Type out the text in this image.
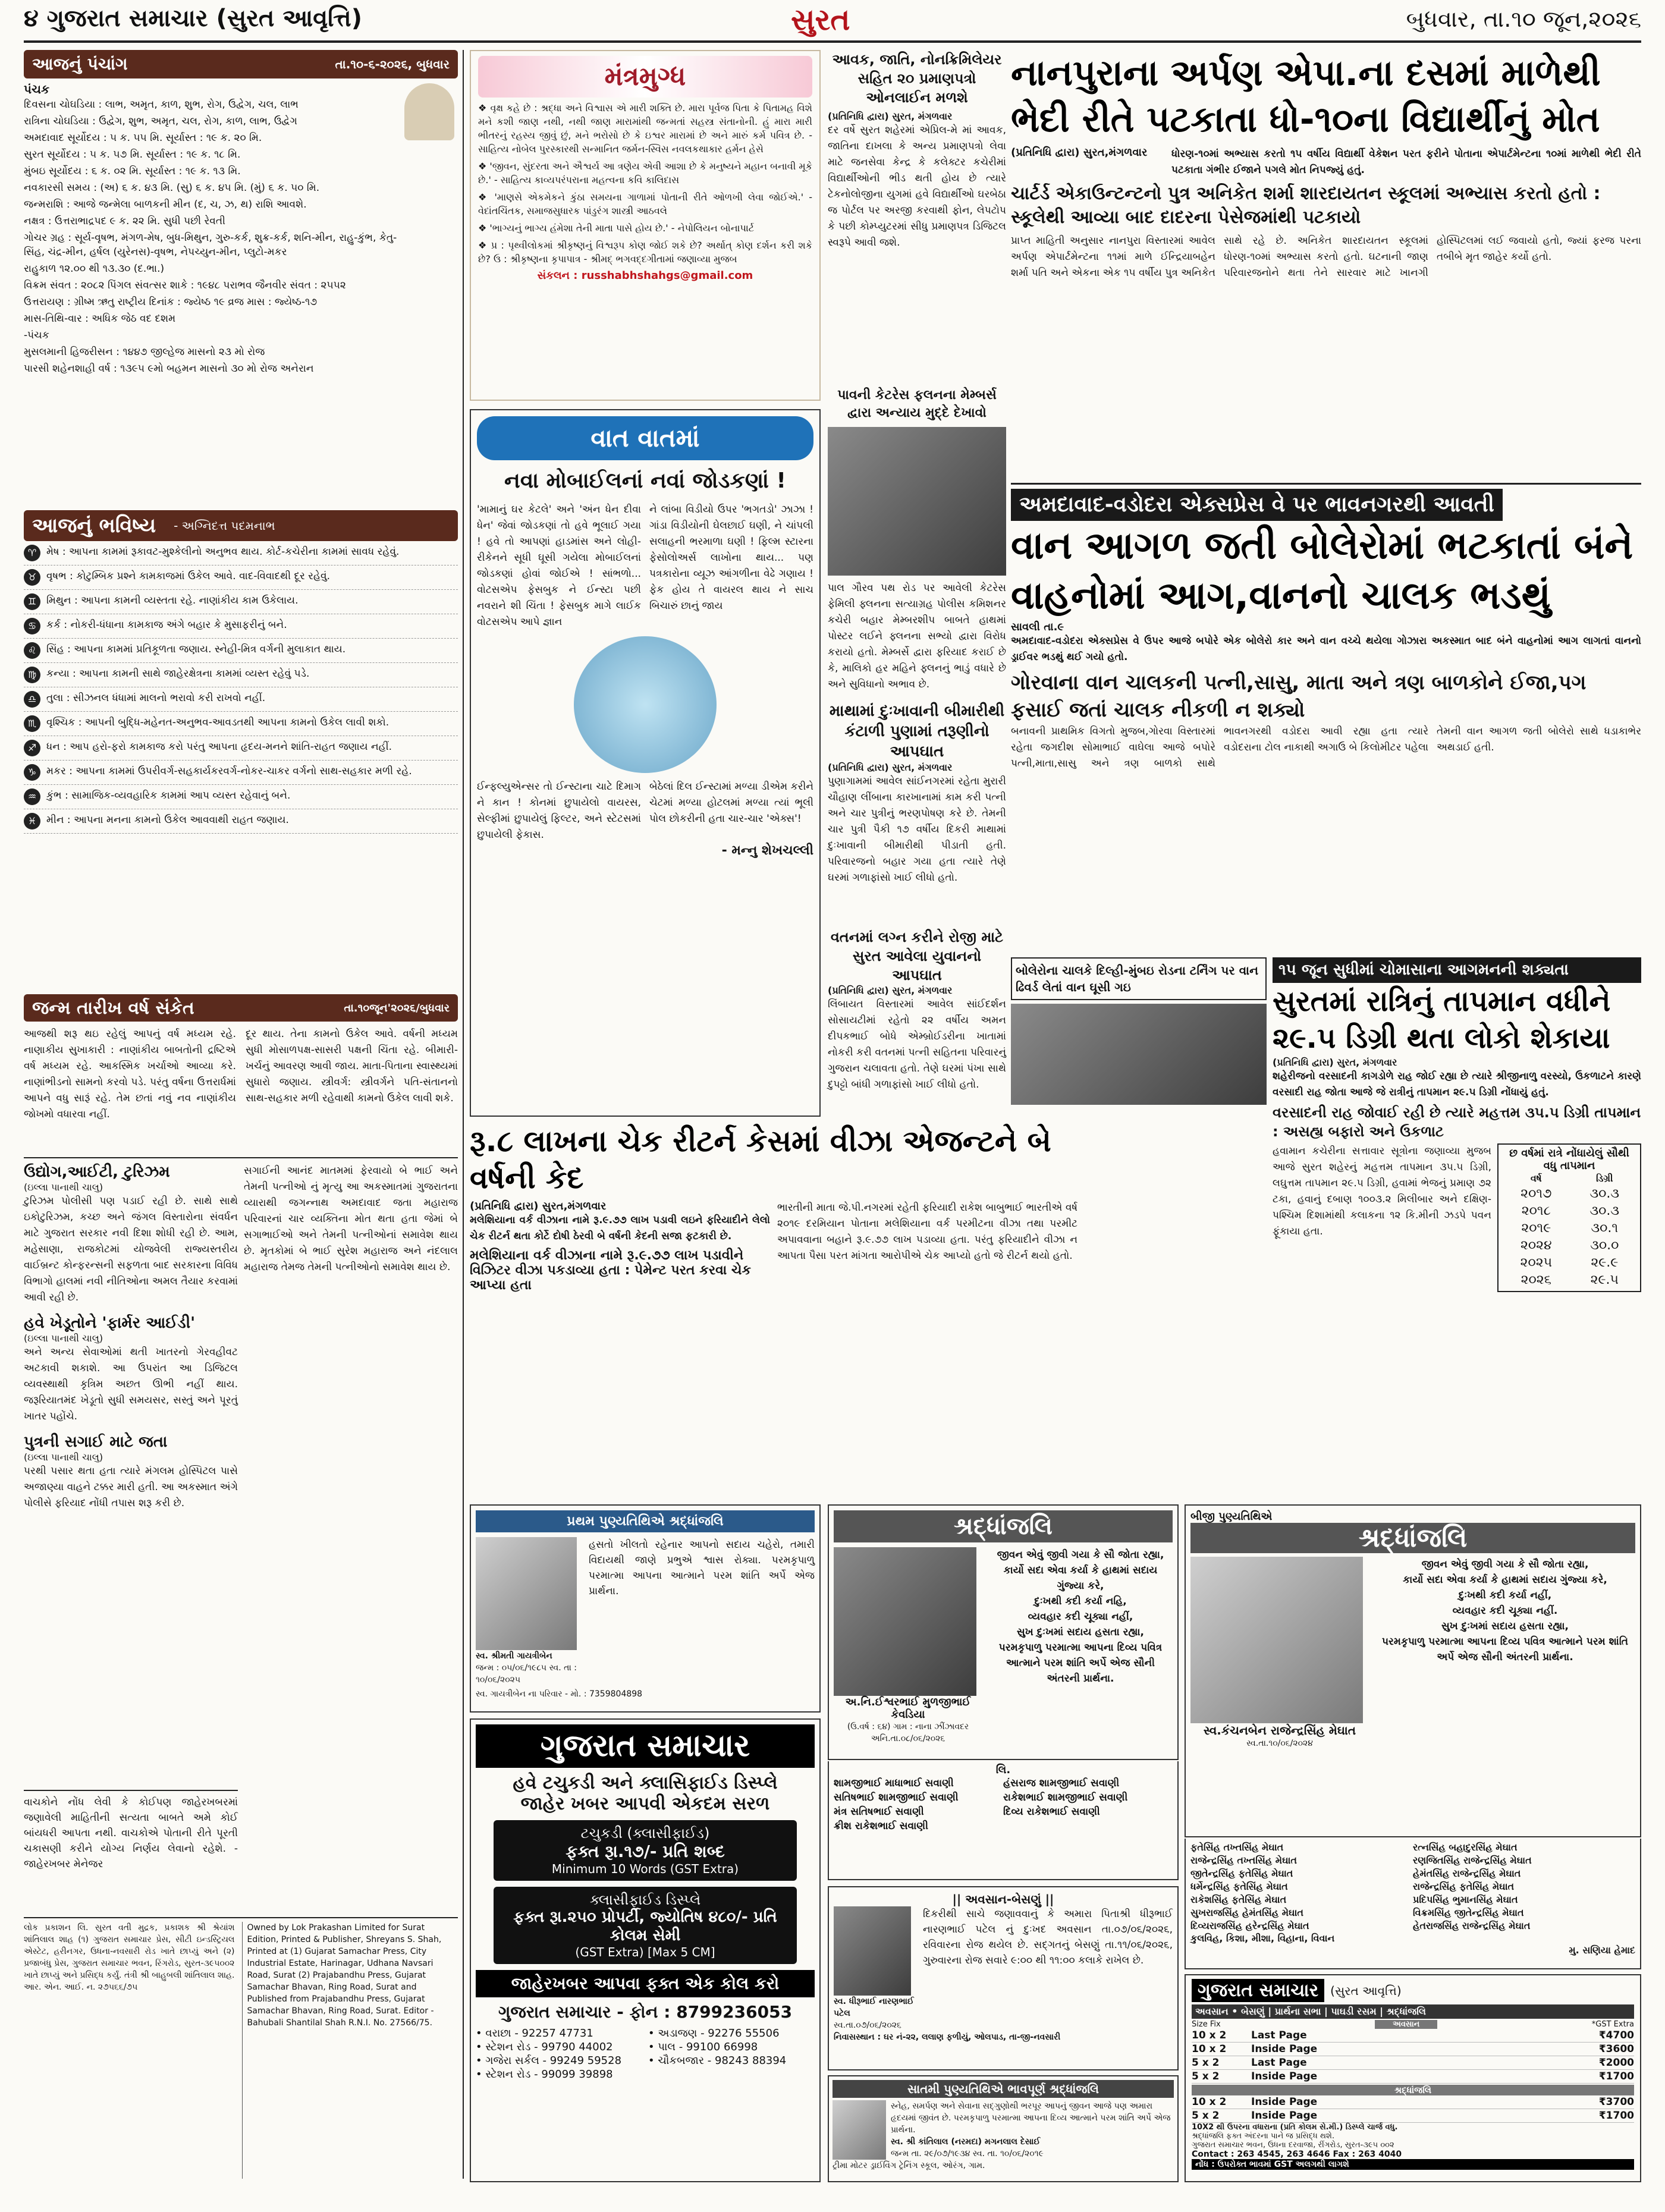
૪ ગુજરાત સમાચાર (સુરત આવૃત્તિ)	સુરત	બુધવાર, તા.૧૦ જૂન,૨૦૨૬
આજનું પંચાંગ	તા.૧૦-૬-૨૦૨૬, બુધવાર
પંચક
દિવસના ચોઘડિયા : લાભ, અમૃત, કાળ, શુભ, રોગ, ઉદ્વેગ, ચલ, લાભ
રાત્રિના ચોઘડિયા : ઉદ્વેગ, શુભ, અમૃત, ચલ, રોગ, કાળ, લાભ, ઉદ્વેગ
અમદાવાદ સૂર્યોદય : ૫ ક. ૫૫ મિ. સૂર્યાસ્ત : ૧૯ ક. ૨૦ મિ.
સુરત સૂર્યોદય : ૫ ક. ૫૭ મિ. સૂર્યાસ્ત : ૧૯ ક. ૧૮ મિ.
મુંબઇ સૂર્યોદય : ૬ ક. ૦૨ મિ. સૂર્યાસ્ત : ૧૯ ક. ૧૩ મિ.
નવકારસી સમય : (અ) ૬ ક. ૪૩ મિ. (સુ) ૬ ક. ૪૫ મિ. (મું) ૬ ક. ૫૦ મિ.
જન્મરાશિ : આજે જન્મેલા બાળકની મીન (દ, ચ, ઝ, થ) રાશિ આવશે.
નક્ષત્ર : ઉત્તરાભાદ્રપદ ૯ ક. ૨૨ મિ. સુધી પછી રેવતી
ગોચર ગ્રહ : સૂર્ય-વૃષભ, મંગળ-મેષ, બુધ-મિથુન, ગુરુ-કર્ક, શુક્ર-કર્ક, શનિ-મીન, રાહુ-કુંભ, કેતુ-સિંહ, ચંદ્ર-મીન, હર્ષલ (યુરેનસ)-વૃષભ, નેપચ્યુન-મીન, પ્લુટો-મકર
રાહુકાળ ૧૨.૦૦ થી ૧૩.૩૦ (દ.ભા.)
વિક્રમ સંવત : ૨૦૮૨ પિંગલ સંવત્સર શાકે : ૧૯૪૮ પરાભવ જૈનવીર સંવત : ૨૫૫૨
ઉત્તરાયણ : ગ્રીષ્મ ઋતુ રાષ્ટ્રીય દિનાંક : જ્યેષ્ઠ ૧૯ વ્રજ માસ : જ્યેષ્ઠ-૧૭
માસ-તિથિ-વાર : અધિક જેઠ વદ દશમ
-પંચક
મુસલમાની હિજરીસન : ૧૪૪૭ જીલ્હેજ માસનો ૨૩ મો રોજ
પારસી શહેનશાહી વર્ષ : ૧૩૯૫ ૯મો બહમન માસનો ૩૦ મો રોજ અનેરાન
આજનું ભવિષ્ય - અગ્નિદત્ત પદમનાભ
♈ મેષ : આપના કામમાં રૂકાવટ-મુશ્કેલીનો અનુભવ થાય. કોર્ટ-કચેરીના કામમાં સાવધ રહેવું.
♉ વૃષભ : કોટુમ્બિક પ્રશ્ને કામકાજમાં ઉકેલ આવે. વાદ-વિવાદથી દૂર રહેવું.
♊ મિથુન : આપના કામની વ્યસ્તતા રહે. નાણાંકીય કામ ઉકેલાય.
♋ કર્ક : નોકરી-ધંધાના કામકાજ અંગે બહાર કે મુસાફરીનું બને.
♌ સિંહ : આપના કામમાં પ્રતિકૂળતા જણાય. સ્નેહી-મિત્ર વર્ગની મુલાકાત થાય.
♍ કન્યા : આપના કામની સાથે જાહેરક્ષેત્રના કામમાં વ્યસ્ત રહેવું પડે.
♎ તુલા : સીઝનલ ધંધામાં માલનો ભરાવો કરી રાખવો નહીં.
♏ વૃશ્ચિક : આપની બુદ્ધિ-મહેનત-અનુભવ-આવડતથી આપના કામનો ઉકેલ લાવી શકો.
♐ ધન : આપ હરો-ફરો કામકાજ કરો પરંતુ આપના હૃદય-મનને શાંતિ-રાહત જણાય નહીં.
♑ મકર : આપના કામમાં ઉપરીવર્ગ-સહકાર્યકરવર્ગ-નોકર-ચાકર વર્ગનો સાથ-સહકાર મળી રહે.
♒ કુંભ : સામાજિક-વ્યવહારિક કામમાં આપ વ્યસ્ત રહેવાનું બને.
♓ મીન : આપના મનના કામનો ઉકેલ આવવાથી રાહત જણાય.
જન્મ તારીખ વર્ષ સંકેત	તા.૧૦જૂન'૨૦૨૬/બુધવાર
આજથી શરૂ થઇ રહેલું આપનું વર્ષ મધ્યમ રહે. નાણાકીય સુખાકારી : નાણાંકીય બાબતોની દ્રષ્ટિએ વર્ષ મધ્યમ રહે. આકસ્મિક ખર્ચાઓ આવ્યા કરે. નાણાંભીડનો સામનો કરવો પડે. પરંતુ વર્ષના ઉત્તરાર્ધમાં આપને વધુ સારૂં રહે. તેમ છતાં નવું નવ નાણાંકીય જોખમો વધારવા નહીં.
દૂર થાય. તેના કામનો ઉકેલ આવે. વર્ષની મધ્યમ સુધી મોસાળપક્ષ-સાસરી પક્ષની ચિંતા રહે. બીમારી-ખર્ચનું આવરણ આવી જાય. માતા-પિતાના સ્વાસ્થ્યમાં સુધારો જણાય. સ્ત્રીવર્ગ: સ્ત્રીવર્ગને પતિ-સંતાનનો સાથ-સહકાર મળી રહેવાથી કામનો ઉકેલ લાવી શકે.
ઉદ્યોગ,આઈટી, ટુરિઝમ
(ઇલ્લા પાનાથી ચાલુ)
ટુરિઝમ પોલીસી પણ પડાઈ રહી છે. સાથે સાથે ઇકોટુરિઝમ, કચ્છ અને જંગલ વિસ્તારોના સંવર્ધન માટે ગુજરાત સરકાર નવી દિશા શોધી રહી છે. આમ, મહેસાણા, રાજકોટમાં યોજવેલી રાજ્યસ્તરીય વાઈબ્રન્ટ કોન્ફરન્સની સફળતા બાદ સરકારના વિવિધ વિભાગો હાલમાં નવી નીતિઓના અમલ તૈયાર કરવામાં આવી રહી છે.
હવે ખેડૂતોને 'ફાર્મર આઈડી'
(ઇલ્લા પાનાથી ચાલુ)
અને અન્ય સેવાઓમાં થતી ખાતરનો ગેરવહીવટ અટકાવી શકાશે. આ ઉપરાંત આ ડિજિટલ વ્યવસ્થાથી કૃત્રિમ અછત ઊભી નહીં થાય. જરૂરિયાતમંદ ખેડૂતો સુધી સમયસર, સસ્તું અને પૂરતું ખાતર પહોંચે.
પુત્રની સગાઈ માટે જતા
(ઇલ્લા પાનાથી ચાલુ)
પરથી પસાર થતા હતા ત્યારે મંગલમ હોસ્પિટલ પાસે અજાણ્યા વાહને ટક્કર મારી હતી. આ અકસ્માત અંગે પોલીસે ફરિયાદ નોંધી તપાસ શરૂ કરી છે.
સગાઈની આનંદ માતમમાં ફેરવાયો બે ભાઈ અને તેમની પત્નીઓ નું મૃત્યુ આ અકસ્માતમાં ગુજરાતના વ્યારાથી જગન્નાથ અમદાવાદ જતા મહારાજ પરિવારનાં ચાર વ્યક્તિના મોત થતા હતા જેમાં બે સગાભાઈઓ અને તેમની પત્નીઓનાં સમાવેશ થાય છે. મૃતકોમાં બે ભાઈ સુરેશ મહારાજ અને નંદલાલ મહારાજ તેમજ તેમની પત્નીઓનો સમાવેશ થાય છે.
વાચકોને નોંધ લેવી કે કોઈપણ જાહેરખબરમાં જણાવેલી માહિતીની સત્યતા બાબતે અમે કોઈ બાંયધરી આપતા નથી. વાચકોએ પોતાની રીતે પૂરતી ચકાસણી કરીને યોગ્ય નિર્ણય લેવાનો રહેશે. - જાહેરખબર મેનેજર
લોક પ્રકાશન લિ. સુરત વતી મુદ્રક, પ્રકાશક શ્રી શ્રેયાંશ શાંતિલાલ શાહ (૧) ગુજરાત સમાચાર પ્રેસ, સીટી ઇન્ડસ્ટ્રિયલ એસ્ટેટ, હરીનગર, ઉધના-નવસારી રોડ ખાતે છાપ્યું અને (૨) પ્રજાબંધુ પ્રેસ, ગુજરાત સમાચાર ભવન, રિંગરોડ, સુરત-૩૯૫૦૦૨ ખાતે છાપ્યું અને પ્રસિદ્ધ કર્યું. તંત્રી શ્રી બાહુબલી શાંતિલાલ શાહ. આર. એન. આઈ. ન. ૨૭૫૬૬/૭૫
Owned by Lok Prakashan Limited for Surat Edition, Printed & Publisher, Shreyans S. Shah, Printed at (1) Gujarat Samachar Press, City Industrial Estate, Harinagar, Udhana Navsari Road, Surat (2) Prajabandhu Press, Gujarat Samachar Bhavan, Ring Road, Surat and Published from Prajabandhu Press, Gujarat Samachar Bhavan, Ring Road, Surat. Editor - Bahubali Shantilal Shah R.N.I. No. 27566/75.
મંત્રમુગ્ધ
❖ વૃક્ષ કહે છે : શ્રદ્ધા અને વિશ્વાસ એ મારી શક્તિ છે. મારા પૂર્વજ પિતા કે પિતામહ વિશે મને કશી જાણ નથી, નથી જાણ મારામાંથી જન્મતાં સહસ્ત્ર સંતાનોની. હું મારા મારી ભીતરનું રહસ્ય જીવું છું, મને ભરોસો છે કે ઇશ્વર મારામાં છે અને મારું કર્મ પવિત્ર છે. - સાહિત્ય નોબેલ પુરસ્કારથી સન્માનિત જર્મન-સ્વિસ નવલકથાકાર હર્મન હેસે
❖ 'જીવન, સુંદરતા અને ઐશ્વર્ય આ ત્રણેય એવી આશા છે કે મનુષ્યને મહાન બનાવી મૂકે છે.' - સાહિત્ય કાવ્યપરંપરાના મહત્વના કવિ કાલિદાસ
❖ 'માણસે એકમેકને કુંઠા સમયના ગાળામાં પોતાની રીતે ઓળખી લેવા જોઈએ.' - વેદાંતચિંતક, સમાજસુધારક પાંડુરંગ શાસ્ત્રી આઠવલે
❖ 'ભાગ્યનું ભાગ્ય હંમેશા તેની માતા પાસે હોય છે.' - નેપોલિયન બોનાપાર્ટ
❖ પ્ર : પૃથ્વીલોકમાં શ્રીકૃષ્ણનું વિશ્વરૂપ કોણ જોઈ શકે છે? અર્થાત્ કોણ દર્શન કરી શકે છે? ઉ : શ્રીકૃષ્ણના કૃપાપાત્ર - શ્રીમદ્ ભગવદ્દગીતામાં જણાવ્યા મુજબ
સંકલન : russhabhshahgs@gmail.com
વાત વાતમાં
નવા મોબાઈલનાં નવાં જોડકણાં !
'મામાનું ઘર કેટલે' અને 'અંન ધેન દીવા ધેન' જેવાં જોડકણાં તો હવે ભૂલાઈ ગયા ! હવે તો આપણાં હાડમાંસ અને લોહી-રીકેનને સૂધી ઘૂસી ગયેલા મોબાઈલનાં જોડકણાં હોવાં જોઈએ ! સાંભળો... વોટસએપ ફેસબુક ને ઈન્સ્ટા પછી નવરાને શી ચિંતા ! ફેસબુક માગે લાઈક વોટસએપ આપે જ્ઞાન
ને લાંબા વિડીયો ઉપર 'ભગતડો' ઝાઝા ! ગાંડા વિડીયોની ઘેલછાઈ ઘણી, ને ચાંપલી સલાહની ભરમાળા ઘણી ! ફિલ્મ સ્ટારના ફેસોલોઅર્સ લાખોના થાય... પણ પત્રકારોના વ્યૂઝ આંગળીના વેઢે ગણાય ! ફેક હોય તે વાયરલ થાય ને સાચ બિચારું છાનું જાય
ઈન્ફલ્યુએન્સર તો ઈન્સ્ટાના ચાટે દિમાગ ને કાન ! કોનમાં છુપાયેલો વાયરસ, સેલ્ફીમાં છુપાયેલું ફિલ્ટર, અને સ્ટેટસમાં છુપાયેલી ફેકાસ.
બેઠેલાં દિલ ઈન્સ્ટામાં મળ્યા ડીએમ કરીને ચેટમાં મળ્યા હોટલમાં મળ્યા ત્યાં ભૂલી પોલ છોકરીની હતા ચાર-ચાર 'એક્સ'!
- મન્નુ શેખચલ્લી
રૂ.૮ લાખના ચેક રીટર્ન કેસમાં વીઝા એજન્ટને બે વર્ષની કેદ
(પ્રતિનિધિ દ્વારા) સુરત,મંગળવાર
મલેશિયાના વર્ક વીઝાના નામે રૂ.૯.૭૭ લાખ પડાવી લઇને ફરિયાદીને લેલો ચેક રીટર્ન થતા કોર્ટે દોષી ઠેરવી બે વર્ષની કેદની સજા ફટકારી છે.
મલેશિયાના વર્ક વીઝાના નામે રૂ.૯.૭૭ લાખ પડાવીને વિઝિટર વીઝા પકડાવ્યા હતા : પેમેન્ટ પરત કરવા ચેક આપ્યા હતા
ભારતીની માતા જે.પી.નગરમાં રહેતી ફરિયાદી રાકેશ બાબુભાઈ ભારતીએ વર્ષ ૨૦૧૯ દરમિયાન પોતાના મલેશિયાના વર્ક પરમીટના વીઝા તથા પરમીટ અપાવવાના બહાને રૂ.૯.૭૭ લાખ પડાવ્યા હતા. પરંતુ ફરિયાદીને વીઝા ન આપતા પૈસા પરત માંગતા આરોપીએ ચેક આપ્યો હતો જે રીટર્ન થયો હતો.
પ્રથમ પુણ્યતિથિએ શ્રદ્ધાંજલિ
સ્વ. શ્રીમતી ગાયત્રીબેન
જન્મ : ૦૫/૦૬/૧૯૮૫ સ્વ. તા : ૧૦/૦૬/૨૦૨૫
હસતો ખીલતો રહેનાર આપનો સદાય ચહેરો, તમારી વિદાયથી જાણે પ્રભુએ શ્વાસ રોક્યા. પરમકૃપાળુ પરમાત્મા આપના આત્માને પરમ શાંતિ અર્પે એજ પ્રાર્થના.
સ્વ. ગાયત્રીબેન ના પરિવાર - મો. : 7359804898
ગુજરાત સમાચાર
હવે ટચુકડી અને ક્લાસિફાઈડ ડિસ્પ્લે
જાહેર ખબર આપવી એકદમ સરળ
ટચુકડી (ક્લાસીફાઈડ)
ફક્ત રૂા.૧૭/- પ્રતિ શબ્દ
Minimum 10 Words (GST Extra)
ક્લાસીફાઈડ ડિસ્પ્લે
ફક્ત રૂા.૨૫૦ પ્રોપર્ટી, જ્યોતિષ ૪૮૦/- પ્રતિ કોલમ સેમી
(GST Extra) [Max 5 CM]
જાહેરખબર આપવા ફક્ત એક કોલ કરો
ગુજરાત સમાચાર - ફોન : 8799236053
• વરાછા - 92257 47731	• અડાજણ - 92276 55506
• સ્ટેશન રોડ - 99790 44002	• પાલ - 99100 66998
• ગજેરા સર્કલ - 99249 59528	• ચૌકબજાર - 98243 88394
• સ્ટેશન રોડ - 99099 39898
આવક, જાતિ, નોનક્રિમિલેયર સહિત ૨૦ પ્રમાણપત્રો ઓનલાઈન મળશે
(પ્રતિનિધિ દ્વારા) સુરત, મંગળવાર
દર વર્ષે સુરત શહેરમાં એપ્રિલ-મે માં આવક, જાતિના દાખલા કે અન્ય પ્રમાણપત્રો લેવા માટે જનસેવા કેન્દ્ર કે કલેક્ટર કચેરીમાં વિદ્યાર્થીઓની ભીડ થતી હોય છે ત્યારે ટેકનોલોજીના યુગમાં હવે વિદ્યાર્થીઓ ઘરબેઠા જ પોર્ટલ પર અરજી કરવાથી ફોન, લેપટોપ કે પછી કોમ્પ્યુટરમાં સીધુ પ્રમાણપત્ર ડિજિટલ સ્વરૂપે આવી જશે.
પાવની કેટરેસ ફલનના મેમ્બર્સ દ્વારા અન્યાય મુદ્દે દેખાવો
પાલ ગૌરવ પથ રોડ પર આવેલી કેટરેસ ફેમિલી ફ્લનના સત્યાગ્રહ પોલીસ કમિશનર કચેરી બહાર મેમ્બરશીપ બાબતે હાથમાં પોસ્ટર લઈને ફ્લનના સભ્યો દ્વારા વિરોધ કરાયો હતો. મેમ્બર્સે દ્વારા ફરિયાદ કરાઈ છે કે, માલિકો હર મહિને ફ્લનનું ભાડું વધારે છે અને સુવિધાનો અભાવ છે.
માથામાં દુઃખાવાની બીમારીથી કંટાળી પુણામાં તરૂણીનો આપઘાત
(પ્રતિનિધિ દ્વારા) સુરત, મંગળવાર
પુણાગામમાં આવેલ સાંઈનગરમાં રહેતા મુરારી ચૌહાણ લીંબાના કારખાનામાં કામ કરી પત્ની અને ચાર પુત્રીનું ભરણપોષણ કરે છે. તેમની ચાર પુત્રી પૈકી ૧૭ વર્ષીય દિકરી માથામાં દુઃખાવાની બીમારીથી પીડાતી હતી. પરિવારજનો બહાર ગયા હતા ત્યારે તેણે ઘરમાં ગળાફાંસો ખાઈ લીધો હતો.
વતનમાં લગ્ન કરીને રોજી માટે સુરત આવેલા યુવાનનો આપઘાત
(પ્રતિનિધિ દ્વારા) સુરત, મંગળવાર
લિંબાયત વિસ્તારમાં આવેલ સાંઈદર્શન સોસાયટીમાં રહેતો ૨૨ વર્ષીય અમન દીપકભાઈ બોધે એમ્બ્રોઈડરીના ખાતામાં નોકરી કરી વતનમાં પત્ની સહિતના પરિવારનું ગુજરાન ચલાવતા હતો. તેણે ઘરમાં પંખા સાથે દુપટ્ટો બાંધી ગળાફાંસો ખાઈ લીધો હતો.
શ્રદ્ધાંજલિ
અ.નિ.ઈશ્વરભાઈ મુળજીભાઈ કેવડિયા
(ઉ.વર્ષ : ૬૪) ગામ : નાના ઝીંઝાવદર અનિ.તા.૦૮/૦૬/૨૦૨૬
જીવન એવું જીવી ગયા કે સૌ જોતા રહ્યા,
કાર્યો સદા એવા કર્યા કે હાથમાં સદાય ગુંજ્યા કરે,
દુઃખથી કદી કર્યા નહિ,
વ્યવહાર કદી ચૂક્યા નહીં,
સુખ દુઃખમાં સદાય હસતા રહ્યા,
પરમકૃપાળુ પરમાત્મા આપના દિવ્ય પવિત્ર આત્માને પરમ શાંતિ અર્પે એજ સૌની અંતરની પ્રાર્થના.
લિ.
શામજીભાઈ માધાભાઈ સવાણી	હંસરાજ શામજીભાઈ સવાણી
સતિષભાઈ શામજીભાઈ સવાણી	રાકેશભાઈ શામજીભાઈ સવાણી
મંત્ર સતિષભાઈ સવાણી	દિવ્ય રાકેશભાઈ સવાણી
ક્રીશ રાકેશભાઈ સવાણી
|| અવસાન-બેસણું ||
સ્વ. ધીરૂભાઈ નારણભાઈ પટેલ
સ્વ.તા.૦૭/૦૬/૨૦૨૬
દિકરીથી સાચે જણાવવાનું કે અમારા પિતાશ્રી ધીરૂભાઈ નારણભાઈ પટેલ નું દુઃખદ અવસાન તા.૦૭/૦૬/૨૦૨૬, રવિવારના રોજ થયેલ છે. સદ્ગતનું બેસણું તા.૧૧/૦૬/૨૦૨૬, ગુરુવારના રોજ સવારે ૯:૦૦ થી ૧૧:૦૦ કલાકે રાખેલ છે.
નિવાસસ્થાન : ઘર નં-૨૨, લલાણ ફળીયું, ઓલપાડ, તા-જી-નવસારી
સાતમી પુણ્યતિથિએ ભાવપૂર્ણ શ્રદ્ધાંજલિ
સ્નેહ, સમર્પણ અને સેવાના સદ્ગુણોથી ભરપૂર આપનું જીવન આજે પણ અમારા હૃદયમાં જીવંત છે. પરમકૃપાળુ પરમાત્મા આપના દિવ્ય આત્માને પરમ શાંતિ અર્પે એજ પ્રાર્થના.
સ્વ. શ્રી કાંતિલાલ (નરમદા) મગનલાલ દેસાઈ
જન્મ તા. ૨૯/૦૭/૧૯૩૪ સ્વ. તા. ૧૦/૦૬/૨૦૧૯
ટ્રીમા મોટર ડ્રાઈવિંગ ટ્રેનિંગ સ્કૂલ, ઓરંગ, ગામ.
નાનપુરાના અર્પણ એપા.ના દસમાં માળેથી
ભેદી રીતે પટકાતા ધો-૧૦ના વિદ્યાર્થીનું મોત
(પ્રતિનિધિ દ્વારા) સુરત,મંગળવાર	ધોરણ-૧૦માં અભ્યાસ કરતો ૧૫ વર્ષીય વિદ્યાર્થી વેકેશન પરત ફરીને પોતાના એપાર્ટમેન્ટના ૧૦માં માળેથી ભેદી રીતે પટકાતા ગંભીર ઈજાને પગલે મોત નિપજ્યું હતું.
ચાર્ટર્ડ એકાઉન્ટન્ટનો પુત્ર અનિકેત શર્મા શારદાયતન સ્કૂલમાં અભ્યાસ કરતો હતો : સ્કૂલેથી આવ્યા બાદ દાદરના પેસેજમાંથી પટકાયો
પ્રાપ્ત માહિતી અનુસાર નાનપુરા વિસ્તારમાં આવેલ અર્પણ એપાર્ટમેન્ટના ૧૧માં માળે ઈન્દ્રિયાબહેન શર્મા પતિ અને એકના એક ૧૫ વર્ષીય પુત્ર અનિકેત સાથે રહે છે. અનિકેત શારદાયતન સ્કૂલમાં ધોરણ-૧૦માં અભ્યાસ કરતો હતો. ઘટનાની જાણ પરિવારજનોને થતા તેને સારવાર માટે ખાનગી હોસ્પિટલમાં લઈ જવાયો હતો, જ્યાં ફરજ પરના તબીબે મૃત જાહેર કર્યો હતો.
અમદાવાદ-વડોદરા એક્સપ્રેસ વે પર ભાવનગરથી આવતી
વાન આગળ જતી બોલેરોમાં ભટકાતાં બંને
વાહનોમાં આગ,વાનનો ચાલક ભડથું
સાવલી તા.૯
અમદાવાદ-વડોદરા એક્સપ્રેસ વે ઉપર આજે બપોરે એક બોલેરો કાર અને વાન વચ્ચે થયેલા ગોઝારા અકસ્માત બાદ બંને વાહનોમાં આગ લાગતાં વાનનો ડ્રાઈવર ભડથું થઈ ગયો હતો.
ગોરવાના વાન ચાલકની પત્ની,સાસુ, માતા અને ત્રણ બાળકોને ઈજા,પગ ફસાઈ જતાં ચાલક નીકળી ન શક્યો
બનાવની પ્રાથમિક વિગતો મુજબ,ગોરવા વિસ્તારમાં રહેતા જગદીશ સોમાભાઈ વાઘેલા આજે બપોરે પત્ની,માતા,સાસુ અને ત્રણ બાળકો સાથે ભાવનગરથી વડોદરા આવી રહ્યા હતા ત્યારે વડોદરાના ટોલ નાકાથી અગાઉ બે કિલોમીટર પહેલા તેમની વાન આગળ જતી બોલેરો સાથે ધડાકાભેર અથડાઈ હતી.
બોલેરોના ચાલકે દિલ્હી-મુંબઇ રોડના ટર્નિંગ પર વાન ઢિવર્ડ લેતાં વાન ઘૂસી ગઇ
૧૫ જૂન સુધીમાં ચોમાસાના આગમનની શક્યતા
સુરતમાં રાત્રિનું તાપમાન વધીને
૨૯.૫ ડિગ્રી થતા લોકો શેકાયા
(પ્રતિનિધિ દ્વારા) સુરત, મંગળવાર
શહેરીજનો વરસાદની કાગડોળે રાહ જોઈ રહ્યા છે ત્યારે શ્રીજીનાળુ વરસ્યો, ઉકળાટને કારણે વરસાદી રાહ જોતા આજે જે રાત્રીનું તાપમાન ૨૯.૫ ડિગ્રી નોંધાયું હતું.
વરસાદની રાહ જોવાઈ રહી છે ત્યારે મહત્તમ ૩૫.૫ ડિગ્રી તાપમાન : અસહ્ય બફારો અને ઉકળાટ
હવામાન કચેરીના સત્તાવાર સૂત્રોના જણાવ્યા મુજબ આજે સુરત શહેરનું મહત્તમ તાપમાન ૩૫.૫ ડિગ્રી, લઘુત્તમ તાપમાન ૨૯.૫ ડિગ્રી, હવામાં ભેજનું પ્રમાણ ૭૨ ટકા, હવાનું દબાણ ૧૦૦૩.૨ મિલીબાર અને દક્ષિણ-પશ્ચિમ દિશામાંથી કલાકના ૧૨ કિ.મીની ઝડપે પવન ફૂંકાયા હતા.
છ વર્ષમાં રાત્રે નોંધાયેલું સૌથી વધુ તાપમાન
વર્ષ	ડિગ્રી
૨૦૧૭	૩૦.૩
૨૦૧૮	૩૦.૩
૨૦૧૯	૩૦.૧
૨૦૨૪	૩૦.૦
૨૦૨૫	૨૯.૯
૨૦૨૬	૨૯.૫
બીજી પુણ્યતિથિએ
શ્રદ્ધાંજલિ
સ્વ.કંચનબેન રાજેન્દ્રસિંહ મેઘાત
સ્વ.તા.૧૦/૦૬/૨૦૨૪
જીવન એવું જીવી ગયા કે સૌ જોતા રહ્યા,
કાર્યો સદા એવા કર્યા કે હાથમાં સદાય ગુંજ્યા કરે,
દુઃખથી કદી કર્યા નહીં,
વ્યવહાર કદી ચૂક્યા નહીં.
સુખ દુઃખમાં સદાય હસતા રહ્યા,
પરમકૃપાળુ પરમાત્મા આપના દિવ્ય પવિત્ર આત્માને પરમ શાંતિ અર્પે એજ સૌની અંતરની પ્રાર્થના.
ફતેસિંહ તખ્તસિંહ મેઘાત	રત્નસિંહ બહાદુરસિંહ મેઘાત
રાજેન્દ્રસિંહ તખ્તસિંહ મેઘાત	રણજિતસિંહ રાજેન્દ્રસિંહ મેઘાત
જીતેન્દ્રસિંહ ફતેસિંહ મેઘાત	હેમંતસિંહ રાજેન્દ્રસિંહ મેઘાત
ધર્મેન્દ્રસિંહ ફતેસિંહ મેઘાત	રાજેન્દ્રસિંહ ફતેસિંહ મેઘાત
રાકેશસિંહ ફતેસિંહ મેઘાત	પ્રદિપસિંહ ભુમાનસિંહ મેઘાત
સુખરાજસિંહ હેમંતસિંહ મેઘાત	વિક્રમસિંહ જીતેન્દ્રસિંહ મેઘાત
દિવ્યરાજસિંહ હરેન્દ્રસિંહ મેઘાત	હેતરાજસિંહ રાજેન્દ્રસિંહ મેઘાત
કુલવિહ, કિશા, મીશા, વિહાના, વિવાન
મુ. સણિયા હેમાદ
ગુજરાત સમાચાર	(સુરત આવૃત્તિ)
અવસાન • બેસણું | પ્રાર્થના સભા | પાઘડી રસમ | શ્રદ્ધાંજલિ
Size Fix	અવસાન	*GST Extra
10 x 2	Last Page	₹4700
10 x 2	Inside Page	₹3600
5 x 2	Last Page	₹2000
5 x 2	Inside Page	₹1700
શ્રદ્ધાંજલિ
10 x 2	Inside Page	₹3700
5 x 2	Inside Page	₹1700
10X2 થી ઉપરના વધારાના (પ્રતિ કોલમ સે.મી.) ડિસ્પ્લે ચાર્જ વધુ.
શ્રદ્ધાંજલિ ફક્ત અંદરના પાને જ પ્રસિદ્ધ થશે.
ગુજરાત સમાચાર ભવન, ઉધના દરવાજા, રીંગરોડ, સુરત-૩૯૫ ૦૦૨
Contact : 263 4545, 263 4646 Fax : 263 4040
નોંધ : ઉપરોક્ત ભાવમાં GST અલગથી લાગશે
